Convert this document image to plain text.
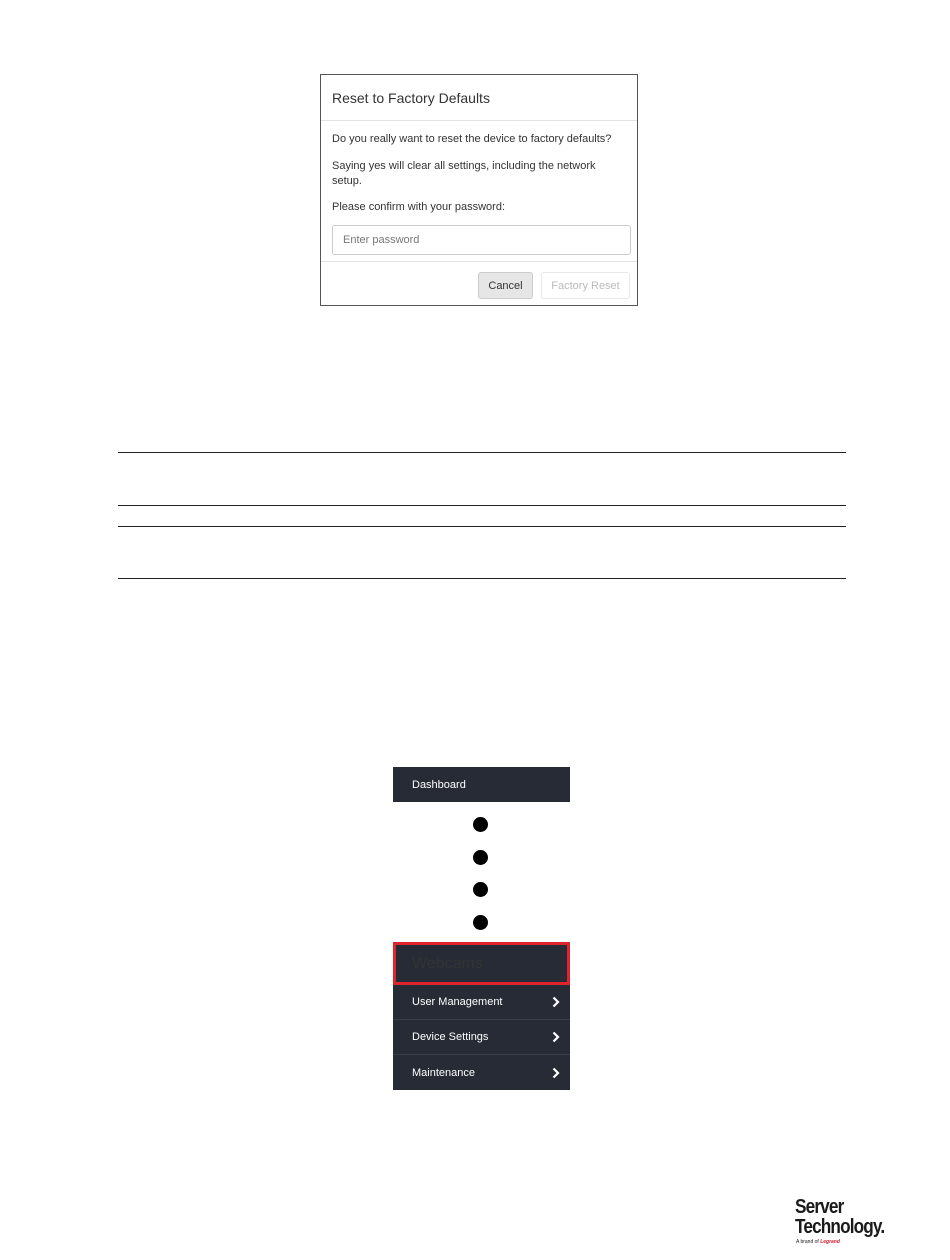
Reset to Factory Defaults

Do you really want to reset the device to factory defaults?

Saying yes will clear all settings, including the network setup.

Please confirm with your password:

Cancel	Factory Reset
Dashboard
Webcams
User Management
Device Settings
Maintenance
Server
Technology.
A brand of Legrand
